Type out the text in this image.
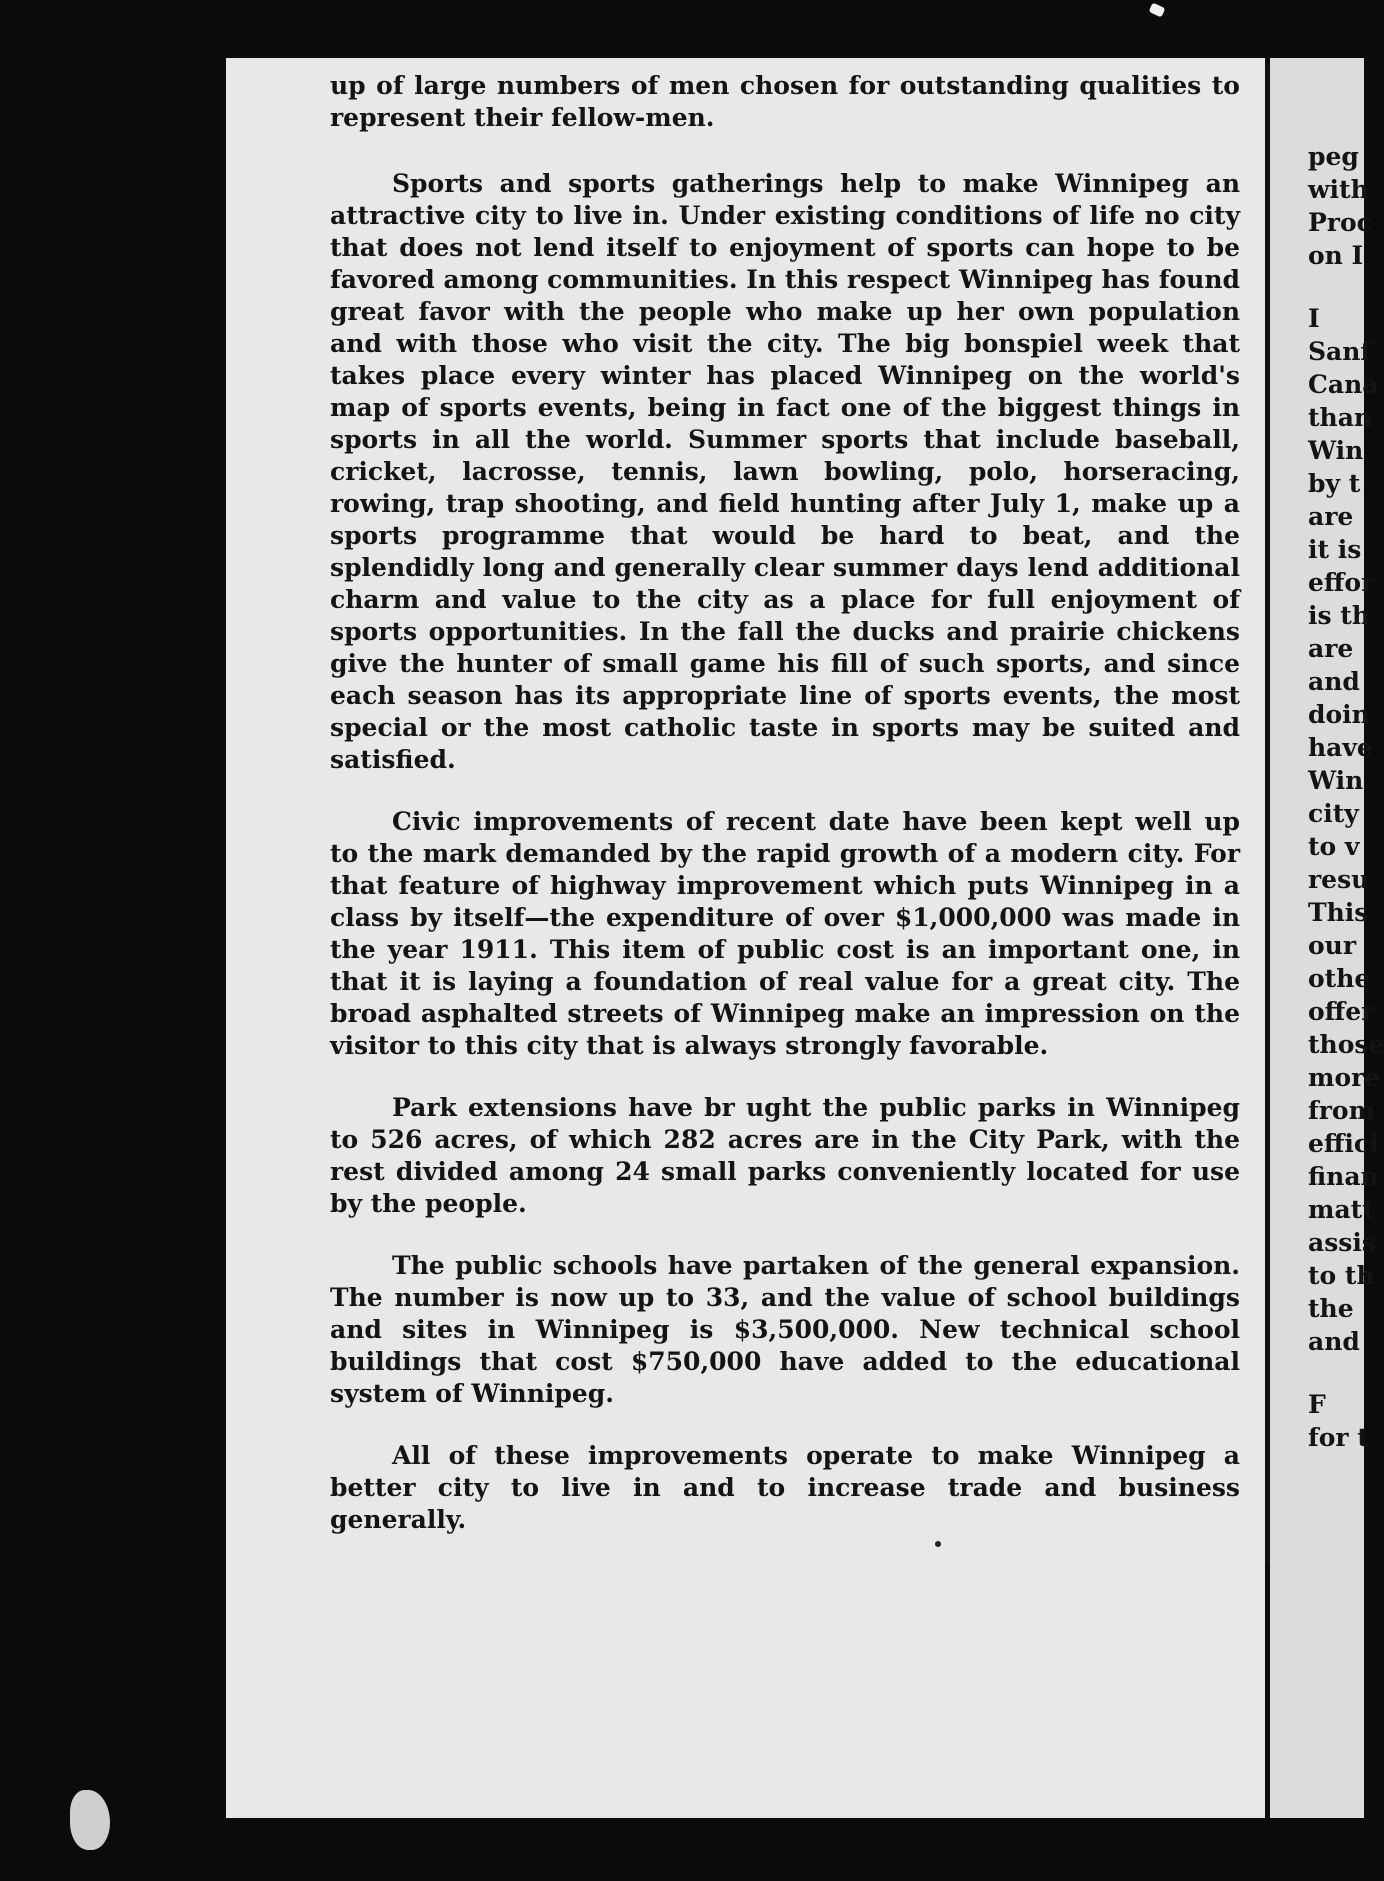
up of large numbers of men chosen for outstanding qualities to represent their fellow-men.

Sports and sports gatherings help to make Winnipeg an attractive city to live in. Under existing conditions of life no city that does not lend itself to enjoyment of sports can hope to be favored among communities. In this respect Winnipeg has found great favor with the people who make up her own population and with those who visit the city. The big bonspiel week that takes place every winter has placed Winnipeg on the world's map of sports events, being in fact one of the biggest things in sports in all the world. Summer sports that include baseball, cricket, lacrosse, tennis, lawn bowling, polo, horseracing, rowing, trap shooting, and field hunting after July 1, make up a sports programme that would be hard to beat, and the splendidly long and generally clear summer days lend additional charm and value to the city as a place for full enjoyment of sports opportunities. In the fall the ducks and prairie chickens give the hunter of small game his fill of such sports, and since each season has its appropriate line of sports events, the most special or the most catholic taste in sports may be suited and satisfied.

Civic improvements of recent date have been kept well up to the mark demanded by the rapid growth of a modern city. For that feature of highway improvement which puts Winnipeg in a class by itself—the expenditure of over $1,000,000 was made in the year 1911. This item of public cost is an important one, in that it is laying a foundation of real value for a great city. The broad asphalted streets of Winnipeg make an impression on the visitor to this city that is always strongly favorable.

Park extensions have br ught the public parks in Winnipeg to 526 acres, of which 282 acres are in the City Park, with the rest divided among 24 small parks conveniently located for use by the people.

The public schools have partaken of the general expansion. The number is now up to 33, and the value of school buildings and sites in Winnipeg is $3,500,000. New technical school buildings that cost $750,000 have added to the educational system of Winnipeg.

All of these improvements operate to make Winnipeg a better city to live in and to increase trade and business generally.

peg
with
Proc
on I
I
Sanf
Cana
than
Win
by t
are
it is
effor
is th
are
and
doin
have
Win
city
to v
resu
This
our
othe
offer
those
more
from
effici
finan
matt
assis
to th
the
and
F
for t
